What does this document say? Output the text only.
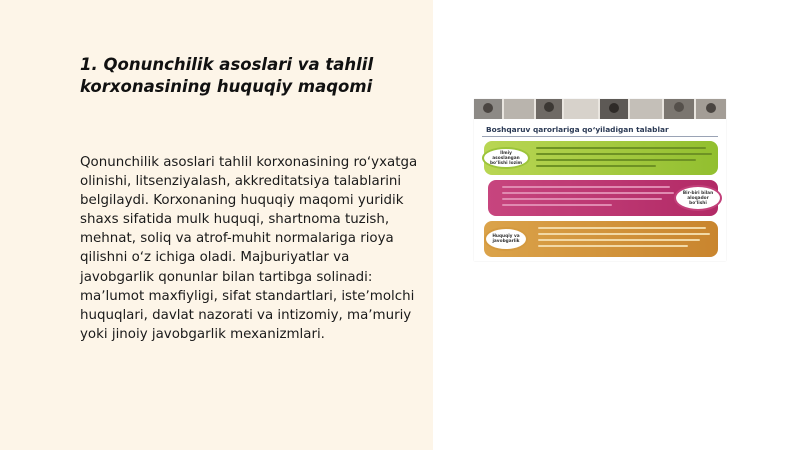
1. Qonunchilik asoslari va tahlil korxonasining huquqiy maqomi

Qonunchilik asoslari tahlil korxonasining roʻyxatga olinishi, litsenziyalash, akkreditatsiya talablarini belgilaydi. Korxonaning huquqiy maqomi yuridik shaxs sifatida mulk huquqi, shartnoma tuzish, mehnat, soliq va atrof-muhit normalariga rioya qilishni oʻz ichiga oladi. Majburiyatlar va javobgarlik qonunlar bilan tartibga solinadi: maʼlumot maxfiyligi, sifat standartlari, isteʼmolchi huquqlari, davlat nazorati va intizomiy, maʼmuriy yoki jinoiy javobgarlik mexanizmlari.

Boshqaruv qarorlariga qo‘yiladigan talablar
Ilmiy asoslangan bo‘lishi lozim
Bir-biri bilan aloqador bo‘lishi
Huquqiy va javobgarlik
